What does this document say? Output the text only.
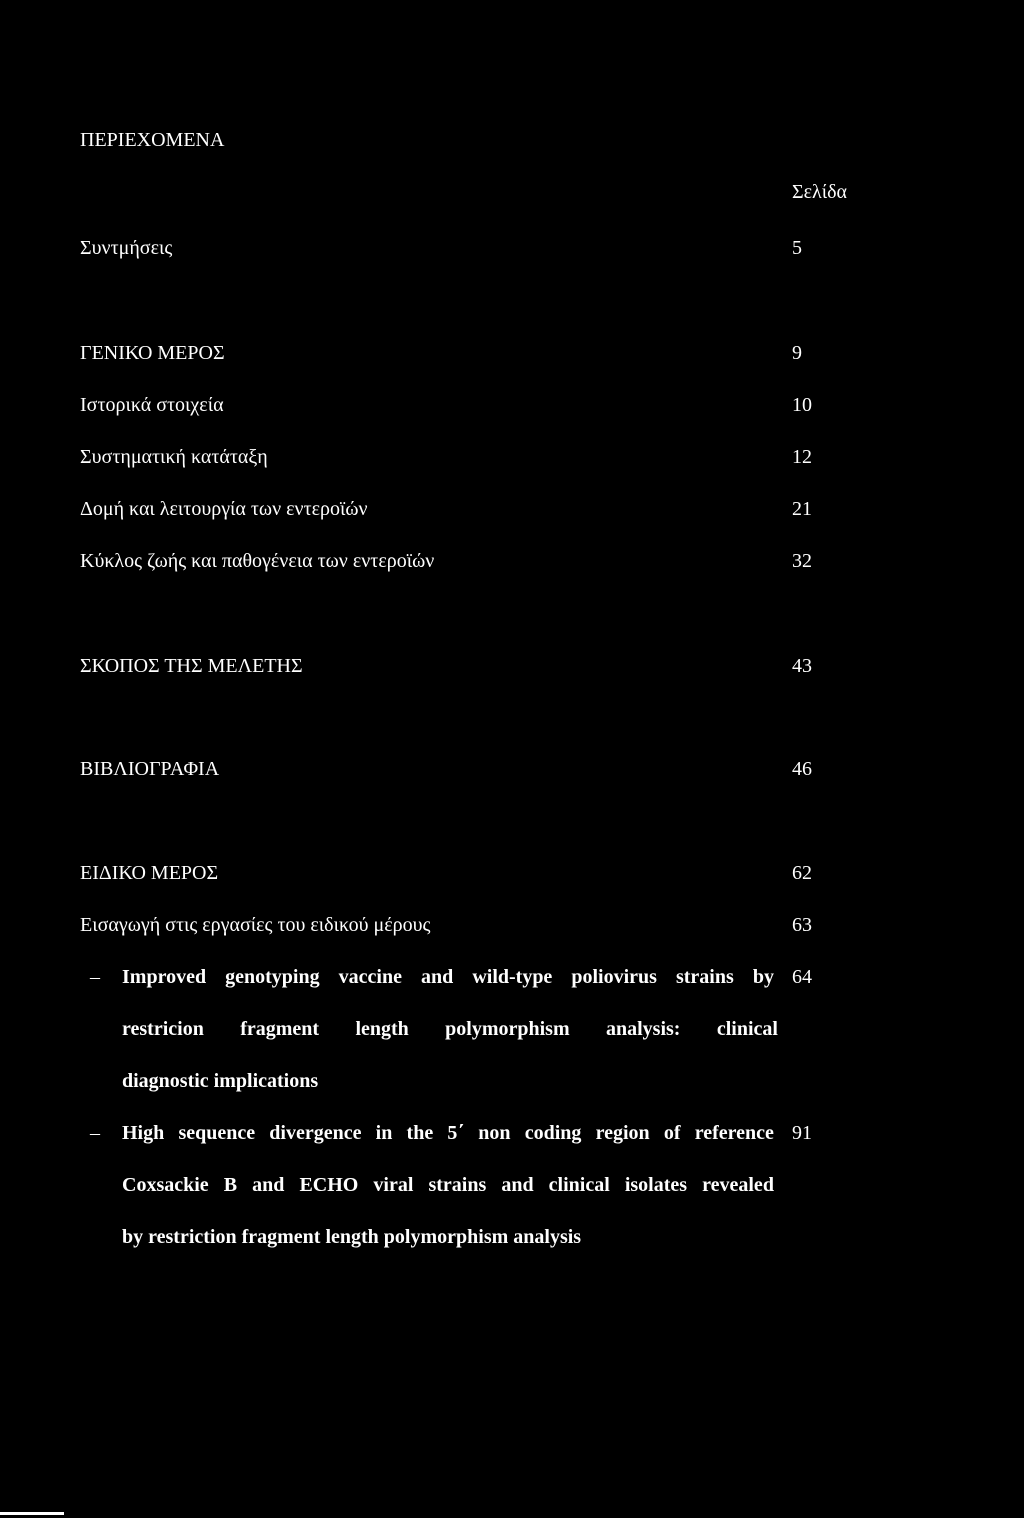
ΠΕΡΙΕΧΟΜΕΝΑ
Σελίδα
Συντμήσεις	5
ΓΕΝΙΚΟ ΜΕΡΟΣ	9
Ιστορικά στοιχεία	10
Συστηματική κατάταξη	12
Δομή και λειτουργία των εντεροϊών	21
Κύκλος ζωής και παθογένεια των εντεροϊών	32
ΣΚΟΠΟΣ ΤΗΣ ΜΕΛΕΤΗΣ	43
ΒΙΒΛΙΟΓΡΑΦΙΑ	46
ΕΙΔΙΚΟ ΜΕΡΟΣ	62
Εισαγωγή στις εργασίες του ειδικού μέρους	63
– Improved genotyping vaccine and wild-type poliovirus strains by 64
restricion fragment length polymorphism analysis: clinical
diagnostic implications
– High sequence divergence in the 5΄ non coding region of reference 91
Coxsackie B and ECHO viral strains and clinical isolates revealed
by restriction fragment length polymorphism analysis
